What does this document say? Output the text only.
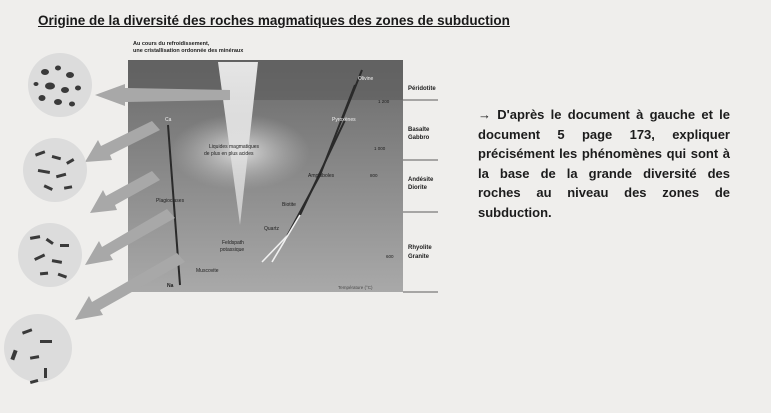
Origine de la diversité des roches magmatiques des zones de subduction
Au cours du refroidissement,
une cristallisation ordonnée des minéraux
Liquides magmatiques
de plus en plus acides
Olivine
Ca	Pyroxènes
Amphiboles
Plagioclases
Biotite
Quartz
Feldspath
potassique
Muscovite
Na
1 200
1 000
800
600
Péridotite
Basalte
Gabbro
Andésite
Diorite
Rhyolite
Granite
Température (°C)
→ D'après le document à gauche et le document 5 page 173, expliquer précisément les phénomènes qui sont à la base de la grande diversité des roches au niveau des zones de subduction.
